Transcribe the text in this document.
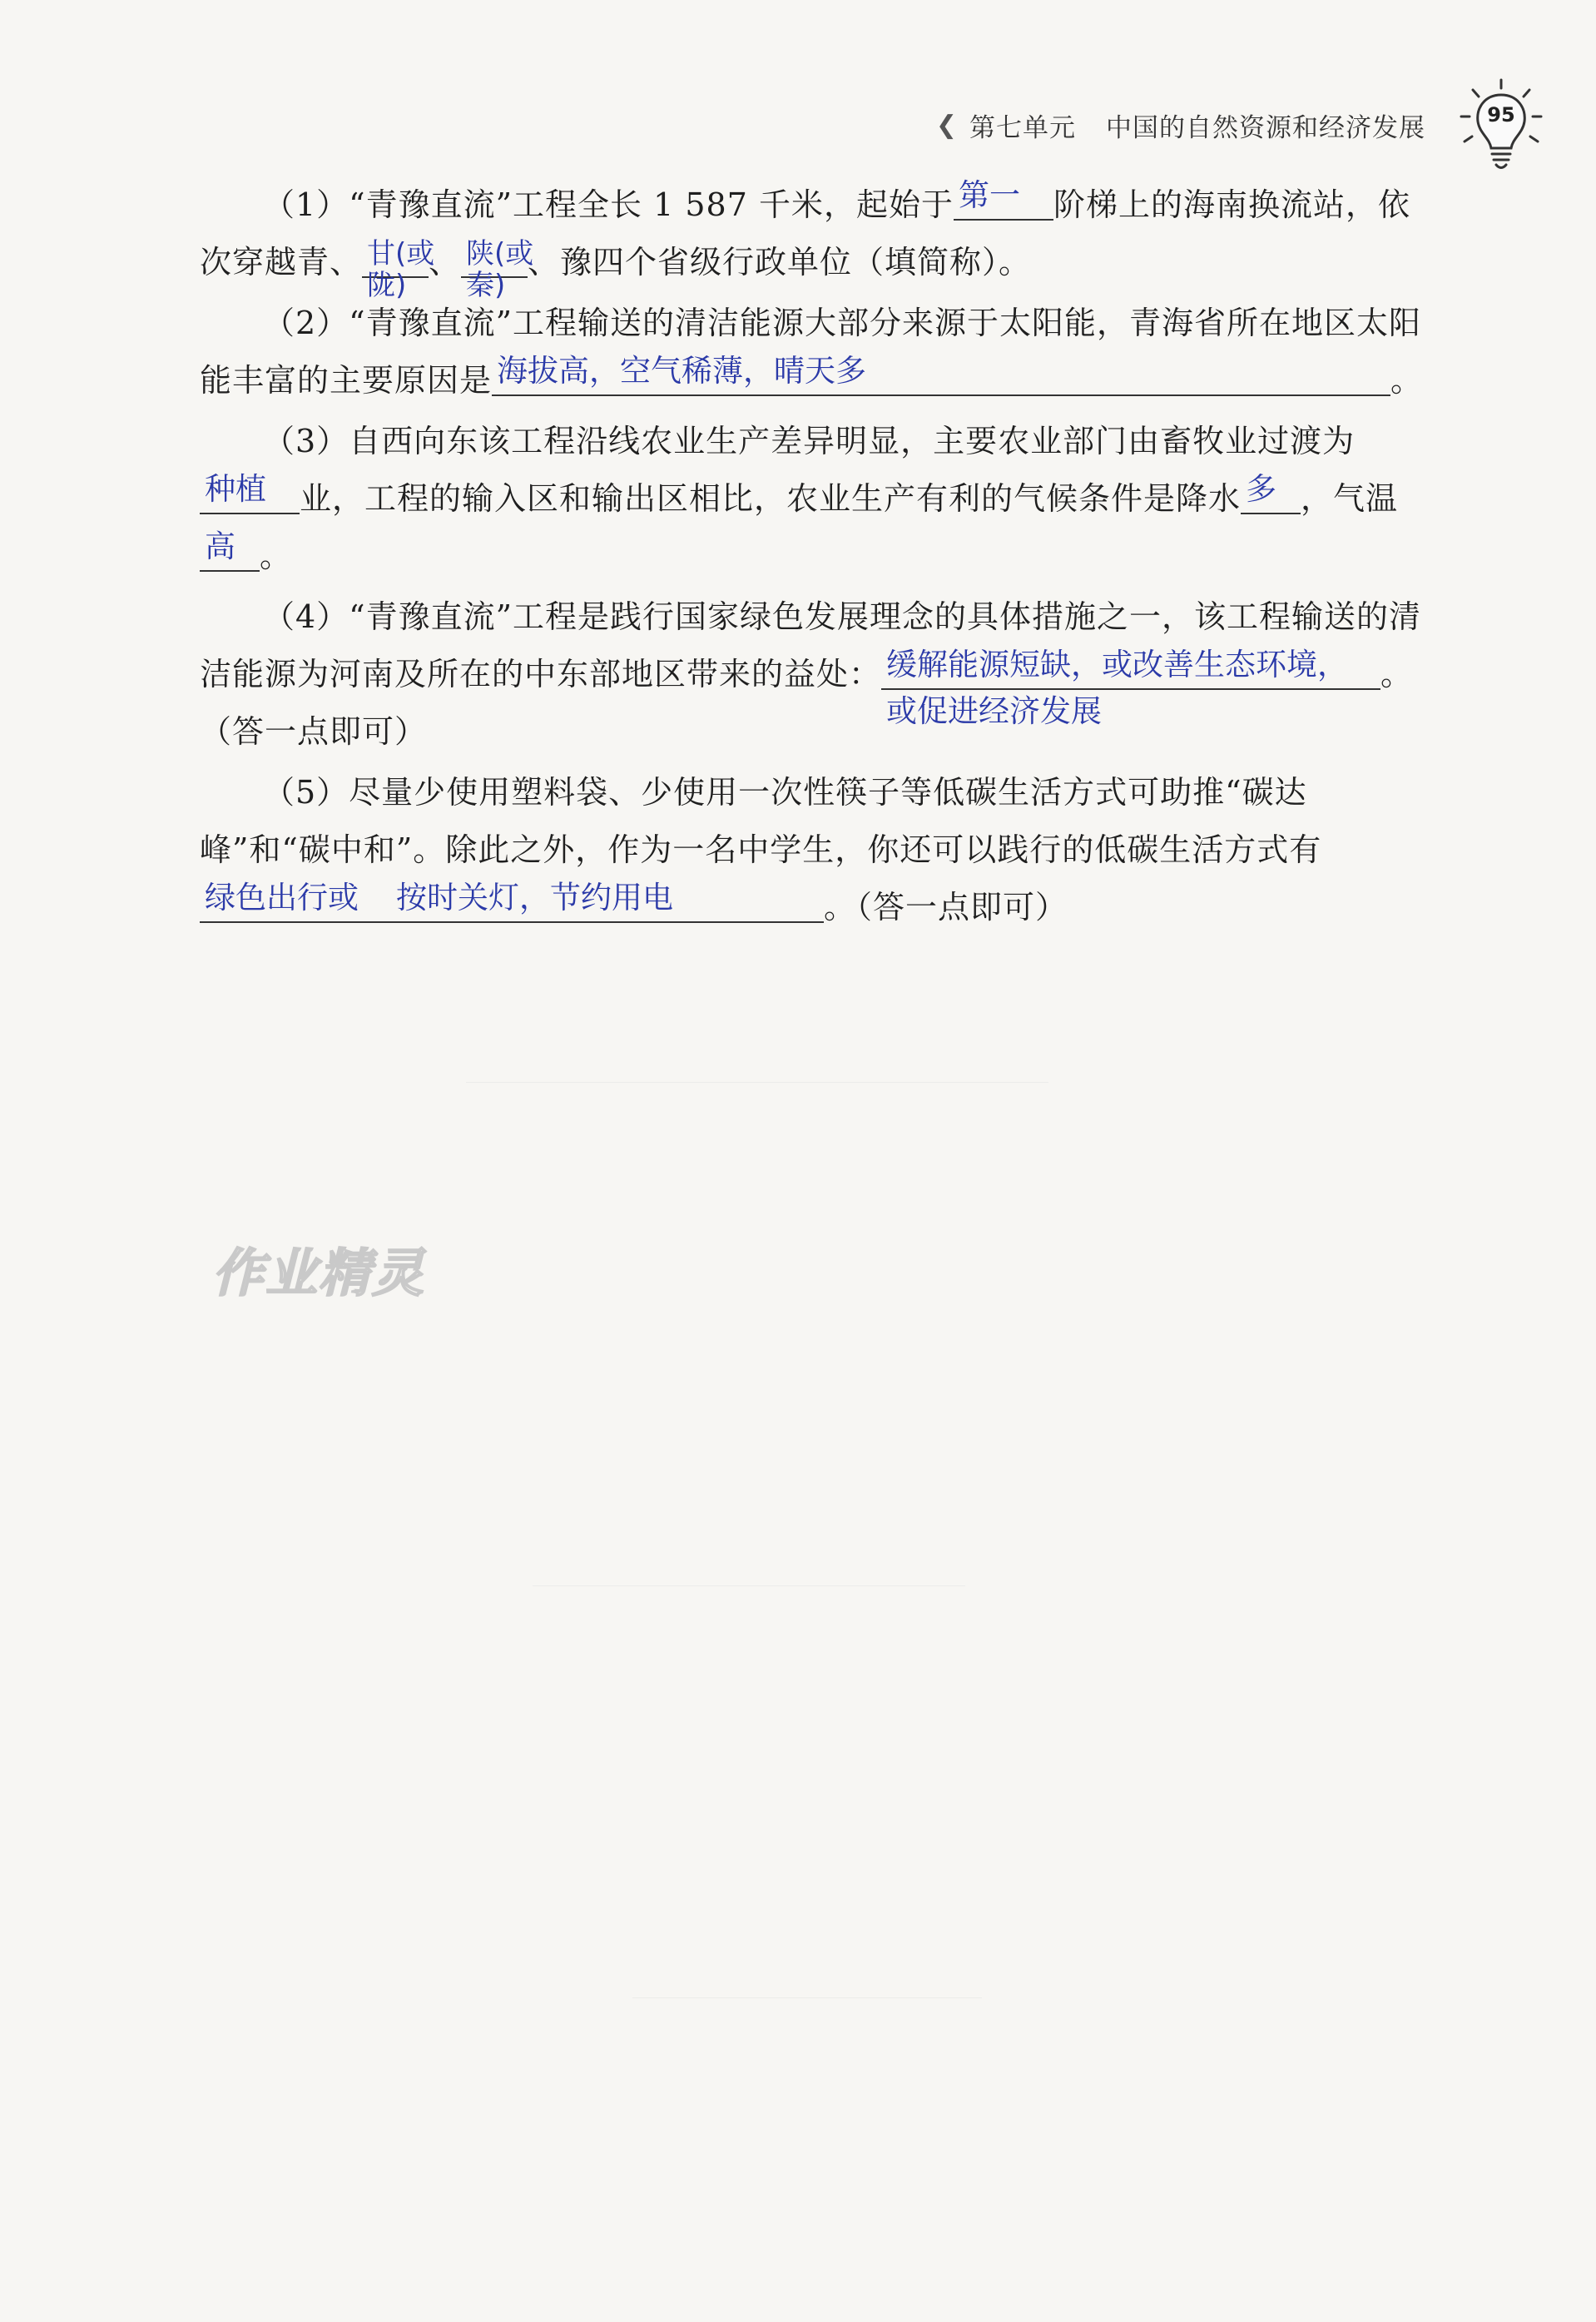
❮ 第七单元 中国的自然资源和经济发展	95

（1）“青豫直流”工程全长 1 587 千米，起始于 第一 阶梯上的海南换流站，依次穿越青、 甘(或陇)
、 陕(或秦)
、豫四个省级行政单位（填简称）。

（2）“青豫直流”工程输送的清洁能源大部分来源于太阳能，青海省所在地区太阳能丰富的主要原因是 海拔高，空气稀薄，晴天多	。

（3）自西向东该工程沿线农业生产差异明显，主要农业部门由畜牧业过渡为
种植 业，工程的输入区和输出区相比，农业生产有利的气候条件是降水 多 ，气温
高 。

（4）“青豫直流”工程是践行国家绿色发展理念的具体措施之一，该工程输送的清洁能源为河南及所在的中东部地区带来的益处： 缓解能源短缺，或改善生态环境，
或促进经济发展
。（答一点即可）

（5）尽量少使用塑料袋、少使用一次性筷子等低碳生活方式可助推“碳达峰”和“碳中和”。除此之外，作为一名中学生，你还可以践行的低碳生活方式有
绿色出行或 按时关灯，节约用电	。（答一点即可）

作业精灵
